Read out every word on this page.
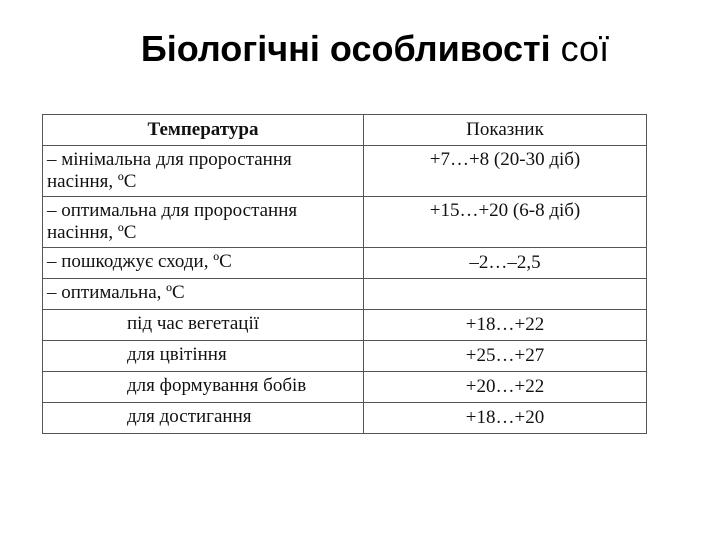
Біологічні особливості сої
Температура	Показник

– мінімальна для проростання
насіння, ºС	+7…+8 (20-30 діб)

– оптимальна для проростання
насіння, ºС	+15…+20 (6-8 діб)
– пошкоджує сходи, ºС	–2…–2,5
– оптимальна, ºС	
під час вегетації	+18…+22
для цвітіння	+25…+27
для формування бобів	+20…+22
для достигання	+18…+20
